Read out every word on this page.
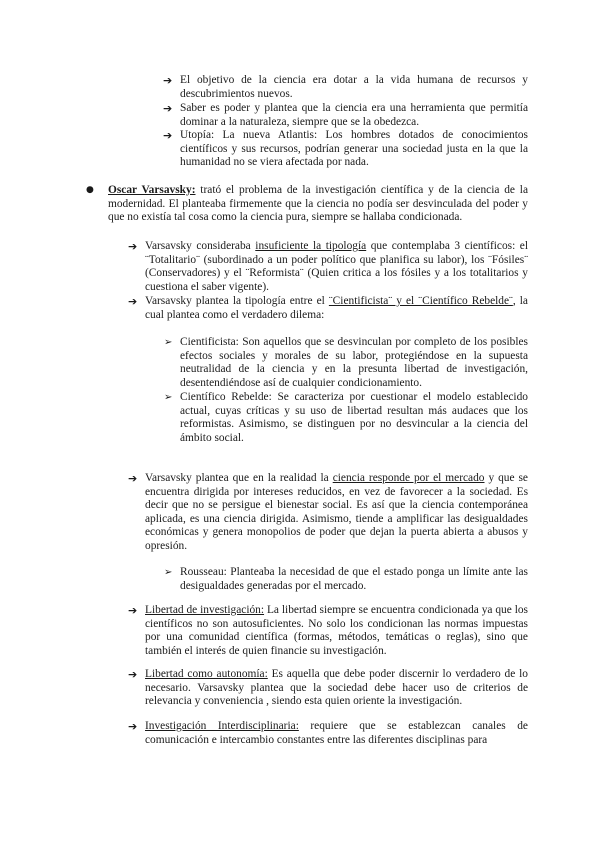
➔ El objetivo de la ciencia era dotar a la vida humana de recursos y descubrimientos nuevos.

➔ Saber es poder y plantea que la ciencia era una herramienta que permitía dominar a la naturaleza, siempre que se la obedezca.

➔ Utopía: La nueva Atlantis: Los hombres dotados de conocimientos científicos y sus recursos, podrían generar una sociedad justa en la que la humanidad no se viera afectada por nada.

● Oscar Varsavsky: trató el problema de la investigación científica y de la ciencia de la modernidad. El planteaba firmemente que la ciencia no podía ser desvinculada del poder y que no existía tal cosa como la ciencia pura, siempre se hallaba condicionada.

➔ Varsavsky consideraba insuficiente la tipología que contemplaba 3 científicos: el ¨Totalitario¨ (subordinado a un poder político que planifica su labor), los ¨Fósiles¨ (Conservadores) y el ¨Reformista¨ (Quien critica a los fósiles y a los totalitarios y cuestiona el saber vigente).

➔ Varsavsky plantea la tipología entre el ¨Cientificista¨ y el ¨Científico Rebelde¨, la cual plantea como el verdadero dilema:

➢ Cientificista: Son aquellos que se desvinculan por completo de los posibles efectos sociales y morales de su labor, protegiéndose en la supuesta neutralidad de la ciencia y en la presunta libertad de investigación, desentendiéndose así de cualquier condicionamiento.

➢ Científico Rebelde: Se caracteriza por cuestionar el modelo establecido actual, cuyas críticas y su uso de libertad resultan más audaces que los reformistas. Asimismo, se distinguen por no desvincular a la ciencia del ámbito social.

➔ Varsavsky plantea que en la realidad la ciencia responde por el mercado y que se encuentra dirigida por intereses reducidos, en vez de favorecer a la sociedad. Es decir que no se persigue el bienestar social. Es así que la ciencia contemporánea aplicada, es una ciencia dirigida. Asimismo, tiende a amplificar las desigualdades económicas y genera monopolios de poder que dejan la puerta abierta a abusos y opresión.

➢ Rousseau: Planteaba la necesidad de que el estado ponga un límite ante las desigualdades generadas por el mercado.

➔ Libertad de investigación: La libertad siempre se encuentra condicionada ya que los científicos no son autosuficientes. No solo los condicionan las normas impuestas por una comunidad científica (formas, métodos, temáticas o reglas), sino que también el interés de quien financie su investigación.

➔ Libertad como autonomía: Es aquella que debe poder discernir lo verdadero de lo necesario. Varsavsky plantea que la sociedad debe hacer uso de criterios de relevancia y conveniencia , siendo esta quien oriente la investigación.

➔ Investigación Interdisciplinaria: requiere que se establezcan canales de comunicación e intercambio constantes entre las diferentes disciplinas para
